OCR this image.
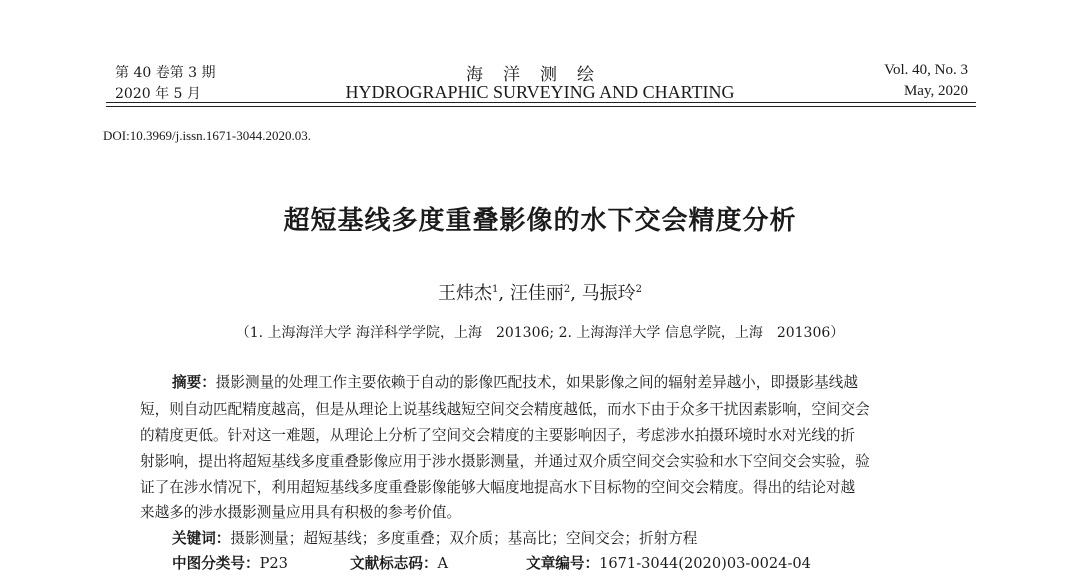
第 40 卷第 3 期
2020 年 5 月
海洋测绘
HYDROGRAPHIC SURVEYING AND CHARTING
Vol. 40, No. 3
May, 2020
DOI:10.3969/j.issn.1671-3044.2020.03.
超短基线多度重叠影像的水下交会精度分析
王炜杰$^1$, 汪佳丽$^2$, 马振玲$^2$
（1. 上海海洋大学 海洋科学学院，上海　201306; 2. 上海海洋大学 信息学院，上海　201306）
摘要：摄影测量的处理工作主要依赖于自动的影像匹配技术，如果影像之间的辐射差异越小，即摄影基线越
短，则自动匹配精度越高，但是从理论上说基线越短空间交会精度越低，而水下由于众多干扰因素影响，空间交会
的精度更低。针对这一难题，从理论上分析了空间交会精度的主要影响因子，考虑涉水拍摄环境时水对光线的折
射影响，提出将超短基线多度重叠影像应用于涉水摄影测量，并通过双介质空间交会实验和水下空间交会实验，验
证了在涉水情况下，利用超短基线多度重叠影像能够大幅度地提高水下目标物的空间交会精度。得出的结论对越
来越多的涉水摄影测量应用具有积极的参考价值。
关键词：摄影测量；超短基线；多度重叠；双介质；基高比；空间交会；折射方程
中图分类号：P23	文献标志码：A	文章编号：1671-3044(2020)03-0024-04
